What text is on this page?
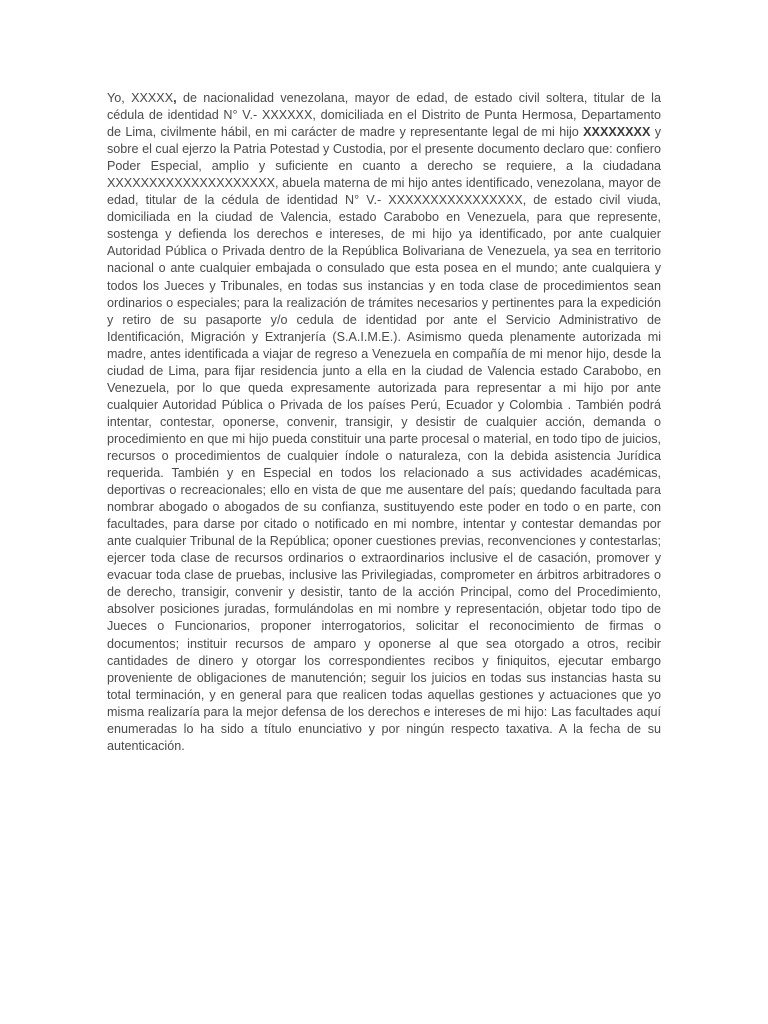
Yo, XXXXX, de nacionalidad venezolana, mayor de edad, de estado civil soltera, titular de la cédula de identidad N° V.- XXXXXX, domiciliada en el Distrito de Punta Hermosa, Departamento de Lima, civilmente hábil, en mi carácter de madre y representante legal de mi hijo XXXXXXXX y sobre el cual ejerzo la Patria Potestad y Custodia, por el presente documento declaro que: confiero Poder Especial, amplio y suficiente en cuanto a derecho se requiere, a la ciudadana XXXXXXXXXXXXXXXXXXXX, abuela materna de mi hijo antes identificado, venezolana, mayor de edad, titular de la cédula de identidad N° V.- XXXXXXXXXXXXXXXX, de estado civil viuda, domiciliada en la ciudad de Valencia, estado Carabobo en Venezuela, para que represente, sostenga y defienda los derechos e intereses, de mi hijo ya identificado, por ante cualquier Autoridad Pública o Privada dentro de la República Bolivariana de Venezuela, ya sea en territorio nacional o ante cualquier embajada o consulado que esta posea en el mundo; ante cualquiera y todos los Jueces y Tribunales, en todas sus instancias y en toda clase de procedimientos sean ordinarios o especiales; para la realización de trámites necesarios y pertinentes para la expedición y retiro de su pasaporte y/o cedula de identidad por ante el Servicio Administrativo de Identificación, Migración y Extranjería (S.A.I.M.E.). Asimismo queda plenamente autorizada mi madre, antes identificada a viajar de regreso a Venezuela en compañía de mi menor hijo, desde la ciudad de Lima, para fijar residencia junto a ella en la ciudad de Valencia estado Carabobo, en Venezuela, por lo que queda expresamente autorizada para representar a mi hijo por ante cualquier Autoridad Pública o Privada de los países Perú, Ecuador y Colombia . También podrá intentar, contestar, oponerse, convenir, transigir, y desistir de cualquier acción, demanda o procedimiento en que mi hijo pueda constituir una parte procesal o material, en todo tipo de juicios, recursos o procedimientos de cualquier índole o naturaleza, con la debida asistencia Jurídica requerida. También y en Especial en todos los relacionado a sus actividades académicas, deportivas o recreacionales; ello en vista de que me ausentare del país; quedando facultada para nombrar abogado o abogados de su confianza, sustituyendo este poder en todo o en parte, con facultades, para darse por citado o notificado en mi nombre, intentar y contestar demandas por ante cualquier Tribunal de la República; oponer cuestiones previas, reconvenciones y contestarlas; ejercer toda clase de recursos ordinarios o extraordinarios inclusive el de casación, promover y evacuar toda clase de pruebas, inclusive las Privilegiadas, comprometer en árbitros arbitradores o de derecho, transigir, convenir y desistir, tanto de la acción Principal, como del Procedimiento, absolver posiciones juradas, formulándolas en mi nombre y representación, objetar todo tipo de Jueces o Funcionarios, proponer interrogatorios, solicitar el reconocimiento de firmas o documentos; instituir recursos de amparo y oponerse al que sea otorgado a otros, recibir cantidades de dinero y otorgar los correspondientes recibos y finiquitos, ejecutar embargo proveniente de obligaciones de manutención; seguir los juicios en todas sus instancias hasta su total terminación, y en general para que realicen todas aquellas gestiones y actuaciones que yo misma realizaría para la mejor defensa de los derechos e intereses de mi hijo: Las facultades aquí enumeradas lo ha sido a título enunciativo y por ningún respecto taxativa. A la fecha de su autenticación.
